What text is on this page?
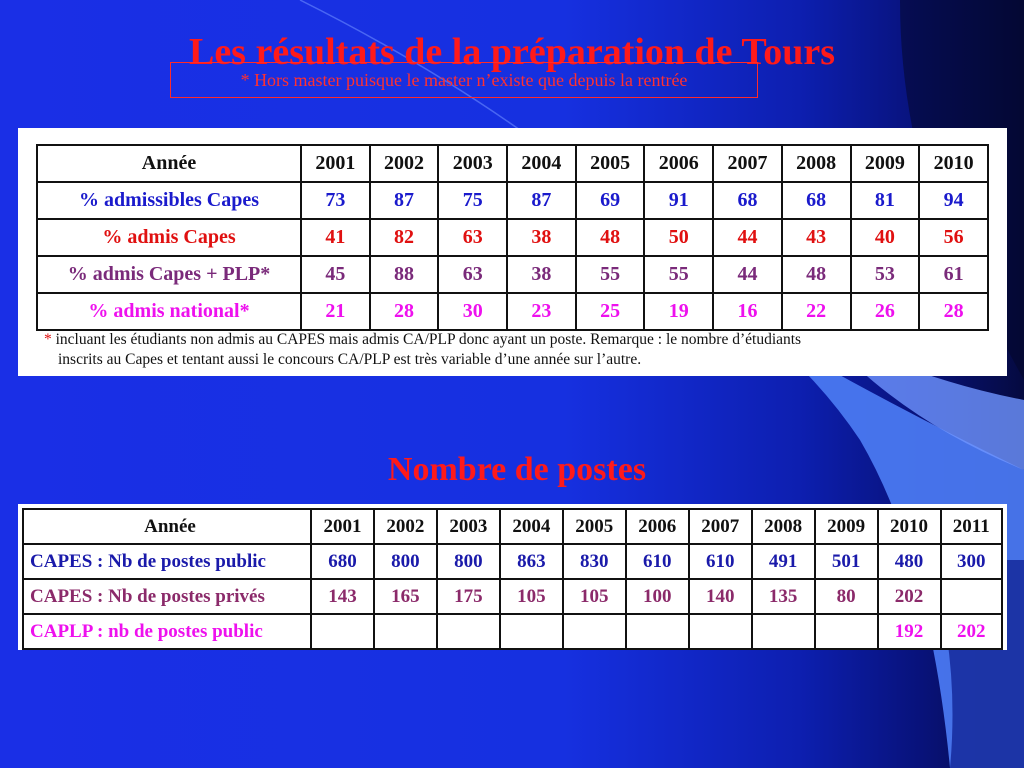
Les résultats de la préparation de Tours
* Hors master puisque le master n’existe que depuis la rentrée
Année	2001	2002	2003	2004	2005	2006	2007	2008	2009	2010
% admissibles Capes	73	87	75	87	69	91	68	68	81	94
% admis Capes	41	82	63	38	48	50	44	43	40	56
% admis Capes + PLP*	45	88	63	38	55	55	44	48	53	61
% admis national*	21	28	30	23	25	19	16	22	26	28
* incluant les étudiants non admis au CAPES mais admis CA/PLP donc ayant un poste. Remarque : le nombre d’étudiants
inscrits au Capes et tentant aussi le concours CA/PLP est très variable d’une année sur l’autre.
Nombre de postes
Année	2001	2002	2003	2004	2005	2006	2007	2008	2009	2010	2011
CAPES : Nb de postes public	680	800	800	863	830	610	610	491	501	480	300
CAPES : Nb de postes privés	143	165	175	105	105	100	140	135	80	202	
CAPLP : nb de postes public										192	202
